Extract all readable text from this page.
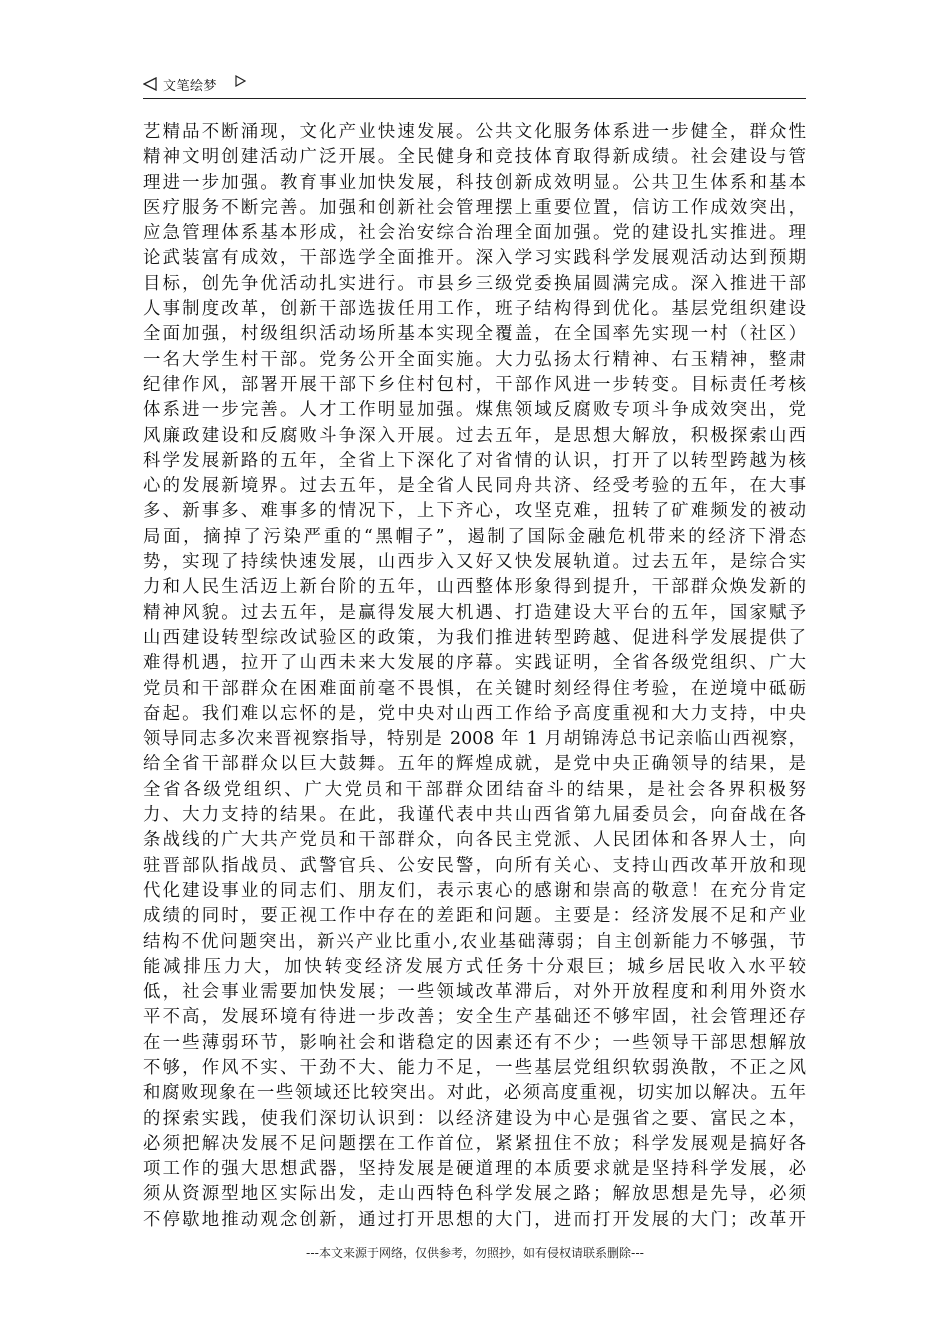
文笔绘梦
艺精品不断涌现，文化产业快速发展。公共文化服务体系进一步健全，群众性
精神文明创建活动广泛开展。全民健身和竞技体育取得新成绩。社会建设与管
理进一步加强。教育事业加快发展，科技创新成效明显。公共卫生体系和基本
医疗服务不断完善。加强和创新社会管理摆上重要位置，信访工作成效突出，
应急管理体系基本形成，社会治安综合治理全面加强。党的建设扎实推进。理
论武装富有成效，干部选学全面推开。深入学习实践科学发展观活动达到预期
目标，创先争优活动扎实进行。市县乡三级党委换届圆满完成。深入推进干部
人事制度改革，创新干部选拔任用工作，班子结构得到优化。基层党组织建设
全面加强，村级组织活动场所基本实现全覆盖，在全国率先实现一村（社区）
一名大学生村干部。党务公开全面实施。大力弘扬太行精神、右玉精神，整肃
纪律作风，部署开展干部下乡住村包村，干部作风进一步转变。目标责任考核
体系进一步完善。人才工作明显加强。煤焦领域反腐败专项斗争成效突出，党
风廉政建设和反腐败斗争深入开展。过去五年，是思想大解放，积极探索山西
科学发展新路的五年，全省上下深化了对省情的认识，打开了以转型跨越为核
心的发展新境界。过去五年，是全省人民同舟共济、经受考验的五年，在大事
多、新事多、难事多的情况下，上下齐心，攻坚克难，扭转了矿难频发的被动
局面，摘掉了污染严重的“黑帽子”，遏制了国际金融危机带来的经济下滑态
势，实现了持续快速发展，山西步入又好又快发展轨道。过去五年，是综合实
力和人民生活迈上新台阶的五年，山西整体形象得到提升，干部群众焕发新的
精神风貌。过去五年，是赢得发展大机遇、打造建设大平台的五年，国家赋予
山西建设转型综改试验区的政策，为我们推进转型跨越、促进科学发展提供了
难得机遇，拉开了山西未来大发展的序幕。实践证明，全省各级党组织、广大
党员和干部群众在困难面前毫不畏惧，在关键时刻经得住考验，在逆境中砥砺
奋起。我们难以忘怀的是，党中央对山西工作给予高度重视和大力支持，中央
领导同志多次来晋视察指导，特别是 2008 年 1 月胡锦涛总书记亲临山西视察，
给全省干部群众以巨大鼓舞。五年的辉煌成就，是党中央正确领导的结果，是
全省各级党组织、广大党员和干部群众团结奋斗的结果，是社会各界积极努
力、大力支持的结果。在此，我谨代表中共山西省第九届委员会，向奋战在各
条战线的广大共产党员和干部群众，向各民主党派、人民团体和各界人士，向
驻晋部队指战员、武警官兵、公安民警，向所有关心、支持山西改革开放和现
代化建设事业的同志们、朋友们，表示衷心的感谢和崇高的敬意！在充分肯定
成绩的同时，要正视工作中存在的差距和问题。主要是：经济发展不足和产业
结构不优问题突出，新兴产业比重小,农业基础薄弱；自主创新能力不够强，节
能减排压力大，加快转变经济发展方式任务十分艰巨；城乡居民收入水平较
低，社会事业需要加快发展；一些领域改革滞后，对外开放程度和利用外资水
平不高，发展环境有待进一步改善；安全生产基础还不够牢固，社会管理还存
在一些薄弱环节，影响社会和谐稳定的因素还有不少；一些领导干部思想解放
不够，作风不实、干劲不大、能力不足，一些基层党组织软弱涣散，不正之风
和腐败现象在一些领域还比较突出。对此，必须高度重视，切实加以解决。五年
的探索实践，使我们深切认识到：以经济建设为中心是强省之要、富民之本，
必须把解决发展不足问题摆在工作首位，紧紧扭住不放；科学发展观是搞好各
项工作的强大思想武器，坚持发展是硬道理的本质要求就是坚持科学发展，必
须从资源型地区实际出发，走山西特色科学发展之路；解放思想是先导，必须
不停歇地推动观念创新，通过打开思想的大门，进而打开发展的大门；改革开
---本文来源于网络，仅供参考，勿照抄，如有侵权请联系删除---
